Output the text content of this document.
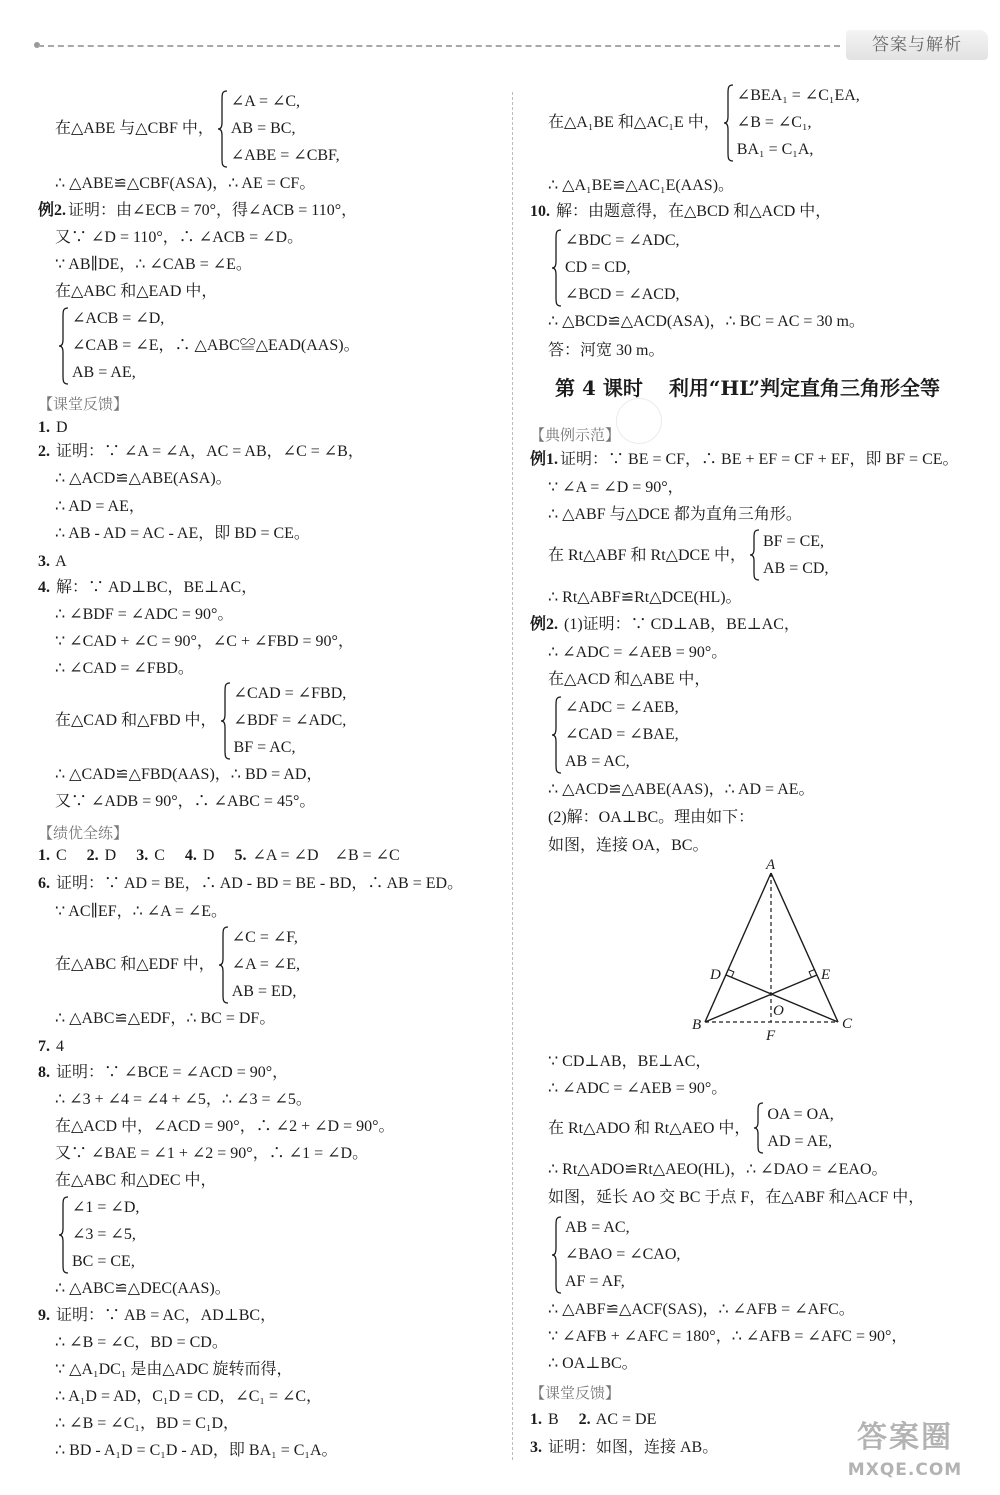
答案与解析
在△ABE 与△CBF 中，
∠A = ∠C,
AB = BC,
∠ABE = ∠CBF,
∴ △ABE≌△CBF(ASA)，∴ AE = CF。
例2. 证明：由∠ECB = 70°，得∠ACB = 110°，
又∵ ∠D = 110°，∴ ∠ACB = ∠D。
∵ AB∥DE，∴ ∠CAB = ∠E。
在△ABC 和△EAD 中，
∠ACB = ∠D,
∠CAB = ∠E，∴ △ABC≌△EAD(AAS)。
AB = AE,
【课堂反馈】
1. D
2. 证明：∵ ∠A = ∠A，AC = AB，∠C = ∠B，
∴ △ACD≌△ABE(ASA)。
∴ AD = AE，
∴ AB - AD = AC - AE，即 BD = CE。
3. A
4. 解：∵ AD⊥BC，BE⊥AC，
∴ ∠BDF = ∠ADC = 90°。
∵ ∠CAD + ∠C = 90°，∠C + ∠FBD = 90°，
∴ ∠CAD = ∠FBD。
在△CAD 和△FBD 中，
∠CAD = ∠FBD,
∠BDF = ∠ADC,
BF = AC,
∴ △CAD≌△FBD(AAS)，∴ BD = AD，
又∵ ∠ADB = 90°，∴ ∠ABC = 45°。
【绩优全练】
1. C 2. D 3. C 4. D 5. ∠A = ∠D    ∠B = ∠C
6. 证明：∵ AD = BE，∴ AD - BD = BE - BD，∴ AB = ED。
∵ AC∥EF，∴ ∠A = ∠E。
在△ABC 和△EDF 中，
∠C = ∠F,
∠A = ∠E,
AB = ED,
∴ △ABC≌△EDF，∴ BC = DF。
7. 4
8. 证明：∵ ∠BCE = ∠ACD = 90°，
∴ ∠3 + ∠4 = ∠4 + ∠5，∴ ∠3 = ∠5。
在△ACD 中，∠ACD = 90°，∴ ∠2 + ∠D = 90°。
又∵ ∠BAE = ∠1 + ∠2 = 90°，∴ ∠1 = ∠D。
在△ABC 和△DEC 中，
∠1 = ∠D,
∠3 = ∠5,
BC = CE,
∴ △ABC≌△DEC(AAS)。
9. 证明：∵ AB = AC，AD⊥BC，
∴ ∠B = ∠C，BD = CD。
∵ △A₁DC₁ 是由△ADC 旋转而得，
∴ A₁D = AD，C₁D = CD，∠C₁ = ∠C，
∴ ∠B = ∠C₁，BD = C₁D，
∴ BD - A₁D = C₁D - AD，即 BA₁ = C₁A。
在△A₁BE 和△AC₁E 中，
∠BEA₁ = ∠C₁EA,
∠B = ∠C₁,
BA₁ = C₁A,
∴ △A₁BE≌△AC₁E(AAS)。
10. 解：由题意得，在△BCD 和△ACD 中，
∠BDC = ∠ADC,
CD = CD,
∠BCD = ∠ACD,
∴ △BCD≌△ACD(ASA)，∴ BC = AC = 30 m。
答：河宽 30 m。
第 4 课时 利用“HL”判定直角三角形全等
【典例示范】
例1. 证明：∵ BE = CF，∴ BE + EF = CF + EF，即 BF = CE。
∵ ∠A = ∠D = 90°，
∴ △ABF 与△DCE 都为直角三角形。
在 Rt△ABF 和 Rt△DCE 中，
BF = CE,
AB = CD,
∴ Rt△ABF≌Rt△DCE(HL)。
例2. (1)证明：∵ CD⊥AB，BE⊥AC，
∴ ∠ADC = ∠AEB = 90°。
在△ACD 和△ABE 中，
∠ADC = ∠AEB,
∠CAD = ∠BAE,
AB = AC,
∴ △ACD≌△ABE(AAS)，∴ AD = AE。
(2)解：OA⊥BC。理由如下：
如图，连接 OA，BC。
A
B	C
D	E
O
F
∵ CD⊥AB，BE⊥AC，
∴ ∠ADC = ∠AEB = 90°。
在 Rt△ADO 和 Rt△AEO 中，
OA = OA,
AD = AE,
∴ Rt△ADO≌Rt△AEO(HL)，∴ ∠DAO = ∠EAO。
如图，延长 AO 交 BC 于点 F，在△ABF 和△ACF 中，
AB = AC,
∠BAO = ∠CAO,
AF = AF,
∴ △ABF≌△ACF(SAS)，∴ ∠AFB = ∠AFC。
∵ ∠AFB + ∠AFC = 180°，∴ ∠AFB = ∠AFC = 90°，
∴ OA⊥BC。
【课堂反馈】
1. B 2. AC = DE
3. 证明：如图，连接 AB。	答案圈
MXQE.COM
